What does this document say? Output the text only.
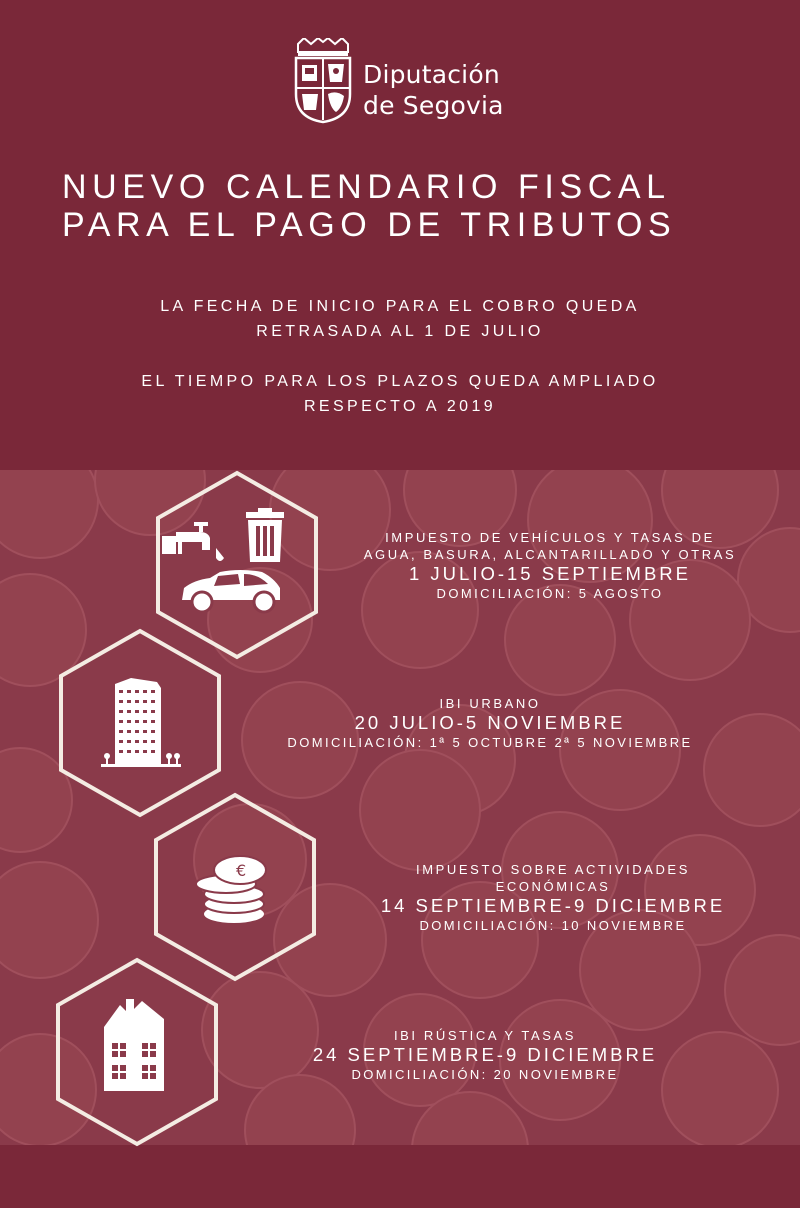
Diputación
de Segovia
NUEVO CALENDARIO FISCAL
PARA EL PAGO DE TRIBUTOS
LA FECHA DE INICIO PARA EL COBRO QUEDA
RETRASADA AL 1 DE JULIO
EL TIEMPO PARA LOS PLAZOS QUEDA AMPLIADO
RESPECTO A 2019
IMPUESTO DE VEHÍCULOS Y TASAS DE
AGUA, BASURA, ALCANTARILLADO Y OTRAS
1 JULIO-15 SEPTIEMBRE
DOMICILIACIÓN: 5 AGOSTO
IBI URBANO
20 JULIO-5 NOVIEMBRE
DOMICILIACIÓN: 1ª 5 OCTUBRE 2ª 5 NOVIEMBRE
€	IMPUESTO SOBRE ACTIVIDADES
ECONÓMICAS
14 SEPTIEMBRE-9 DICIEMBRE
DOMICILIACIÓN: 10 NOVIEMBRE
IBI RÚSTICA Y TASAS
24 SEPTIEMBRE-9 DICIEMBRE
DOMICILIACIÓN: 20 NOVIEMBRE
